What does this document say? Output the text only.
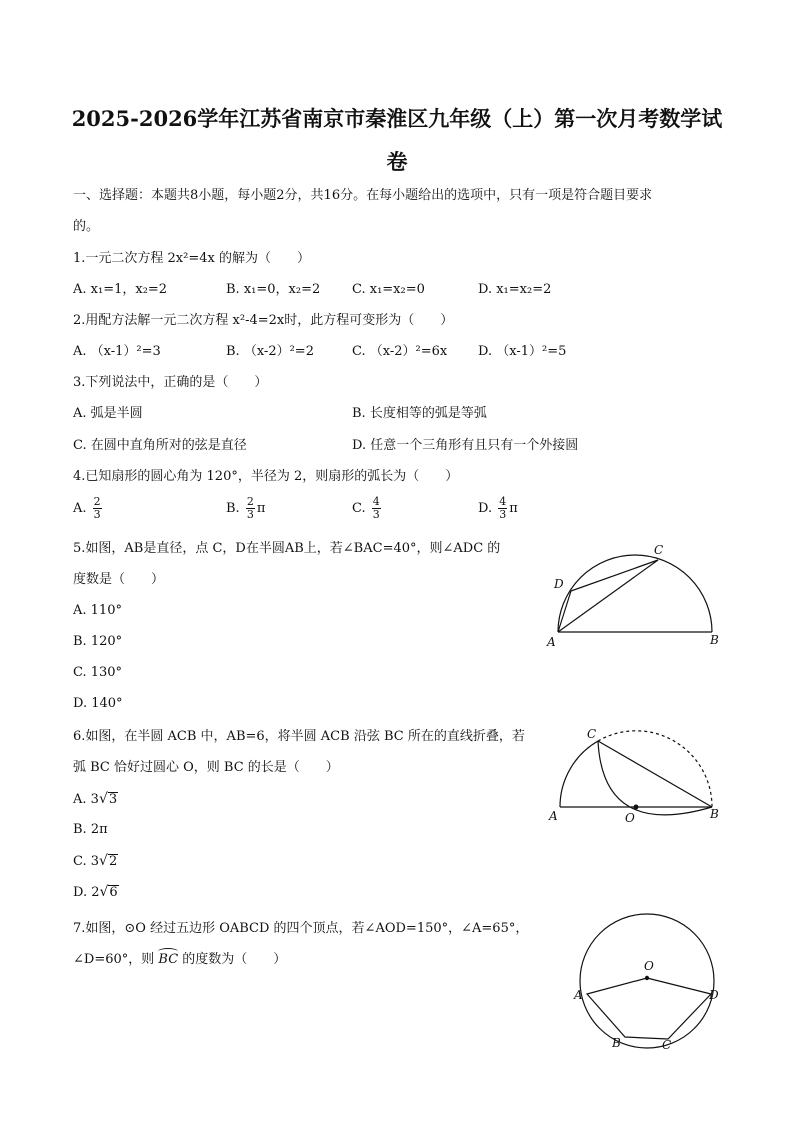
2025-2026学年江苏省南京市秦淮区九年级（上）第一次月考数学试
卷
一、选择题：本题共8小题，每小题2分，共16分。在每小题给出的选项中，只有一项是符合题目要求
的。
1.一元二次方程 2x²=4x 的解为（　　）
A. x₁=1，x₂=2	B. x₁=0，x₂=2 C. x₁=x₂=0	D. x₁=x₂=2
2.用配方法解一元二次方程 x²-4=2x时，此方程可变形为（　　）
A. （x-1）²=3	B. （x-2）²=2	C. （x-2）²=6x D. （x-1）²=5
3.下列说法中，正确的是（　　）
A. 弧是半圆	B. 长度相等的弧是等弧
C. 在圆中直角所对的弦是直径	D. 任意一个三角形有且只有一个外接圆
4.已知扇形的圆心角为 120°，半径为 2，则扇形的弧长为（　　）
A. $\frac{2}{3}$	B. $\frac{2}{3}$ π	C. $\frac{4}{3}$	D. $\frac{4}{3}$ π
5.如图，AB是直径，点 C，D在半圆AB上，若∠BAC=40°，则∠ADC 的
度数是（　　）
A. 110°
B. 120°
C. 130°
D. 140°
A	B
C
D
6.如图，在半圆 ACB 中，AB=6，将半圆 ACB 沿弦 BC 所在的直线折叠，若
弧 BC 恰好过圆心 O，则 BC 的长是（　　）
A. 3√3
B. 2π
C. 3√2
D. 2√6
A	B
C
O
7.如图，⊙O 经过五边形 OABCD 的四个顶点，若∠AOD=150°，∠A=65°，
∠D=60°，则 BC 的度数为（　　）	O
A
B	C
D
